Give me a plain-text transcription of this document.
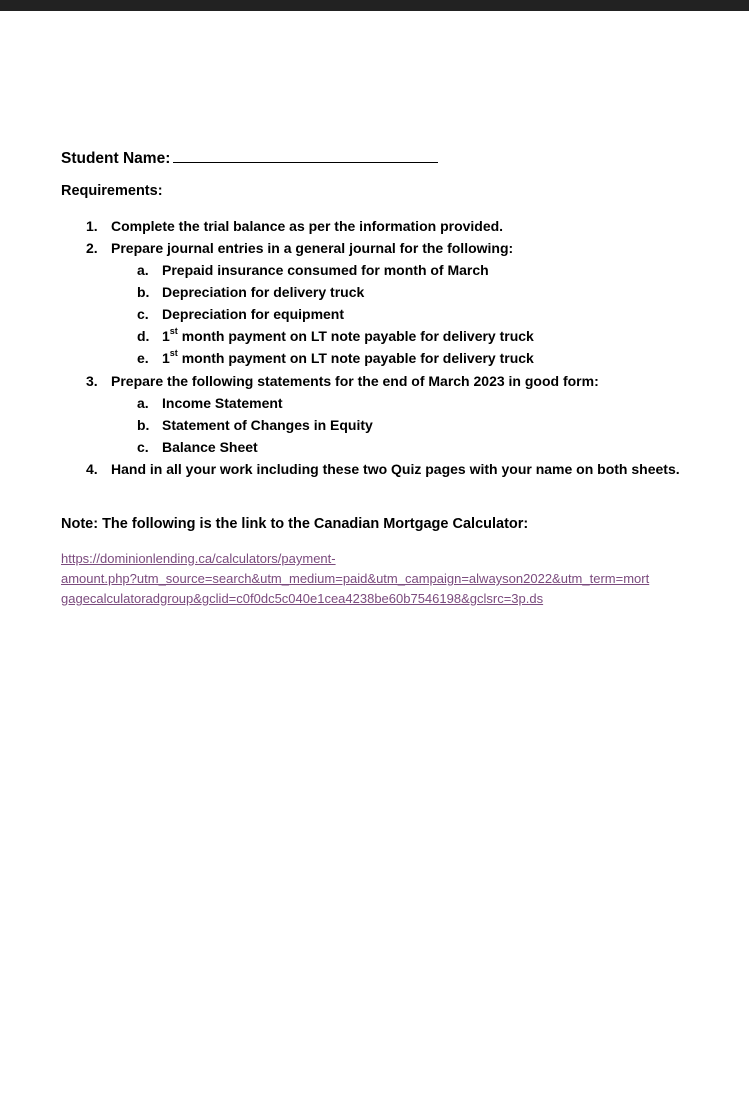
Student Name:
Requirements:
1. Complete the trial balance as per the information provided.
2. Prepare journal entries in a general journal for the following:
a. Prepaid insurance consumed for month of March
b. Depreciation for delivery truck
c. Depreciation for equipment
d. 1st month payment on LT note payable for delivery truck
e. 1st month payment on LT note payable for delivery truck
3. Prepare the following statements for the end of March 2023 in good form:
a. Income Statement
b. Statement of Changes in Equity
c. Balance Sheet
4. Hand in all your work including these two Quiz pages with your name on both sheets.
Note: The following is the link to the Canadian Mortgage Calculator:
https://dominionlending.ca/calculators/payment-
amount.php?utm_source=search&utm_medium=paid&utm_campaign=alwayson2022&utm_term=mort
gagecalculatoradgroup&gclid=c0f0dc5c040e1cea4238be60b7546198&gclsrc=3p.ds
